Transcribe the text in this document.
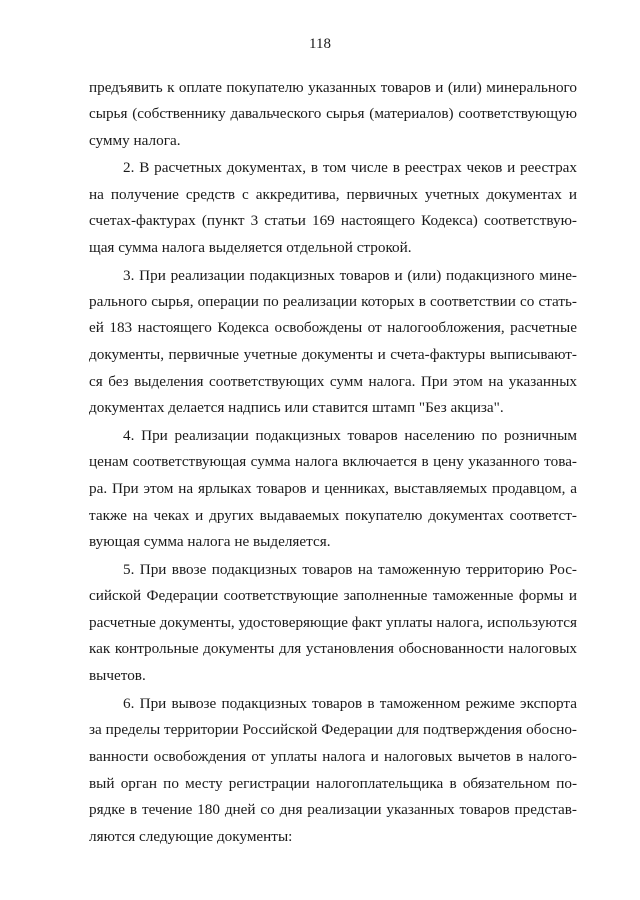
118
предъявить к оплате покупателю указанных товаров и (или) минерального
сырья (собственнику давальческого сырья (материалов) соответствующую
сумму налога.
2. В расчетных документах, в том числе в реестрах чеков и реестрах
на получение средств с аккредитива, первичных учетных документах и
счетах-фактурах (пункт 3 статьи 169 настоящего Кодекса) соответствую-
щая сумма налога выделяется отдельной строкой.
3. При реализации подакцизных товаров и (или) подакцизного мине-
рального сырья, операции по реализации которых в соответствии со стать-
ей 183 настоящего Кодекса освобождены от налогообложения, расчетные
документы, первичные учетные документы и счета-фактуры выписывают-
ся без выделения соответствующих сумм налога. При этом на указанных
документах делается надпись или ставится штамп "Без акциза".
4. При реализации подакцизных товаров населению по розничным
ценам соответствующая сумма налога включается в цену указанного това-
ра. При этом на ярлыках товаров и ценниках, выставляемых продавцом, а
также на чеках и других выдаваемых покупателю документах соответст-
вующая сумма налога не выделяется.
5. При ввозе подакцизных товаров на таможенную территорию Рос-
сийской Федерации соответствующие заполненные таможенные формы и
расчетные документы, удостоверяющие факт уплаты налога, используются
как контрольные документы для установления обоснованности налоговых
вычетов.
6. При вывозе подакцизных товаров в таможенном режиме экспорта
за пределы территории Российской Федерации для подтверждения обосно-
ванности освобождения от уплаты налога и налоговых вычетов в налого-
вый орган по месту регистрации налогоплательщика в обязательном по-
рядке в течение 180 дней со дня реализации указанных товаров представ-
ляются следующие документы:
